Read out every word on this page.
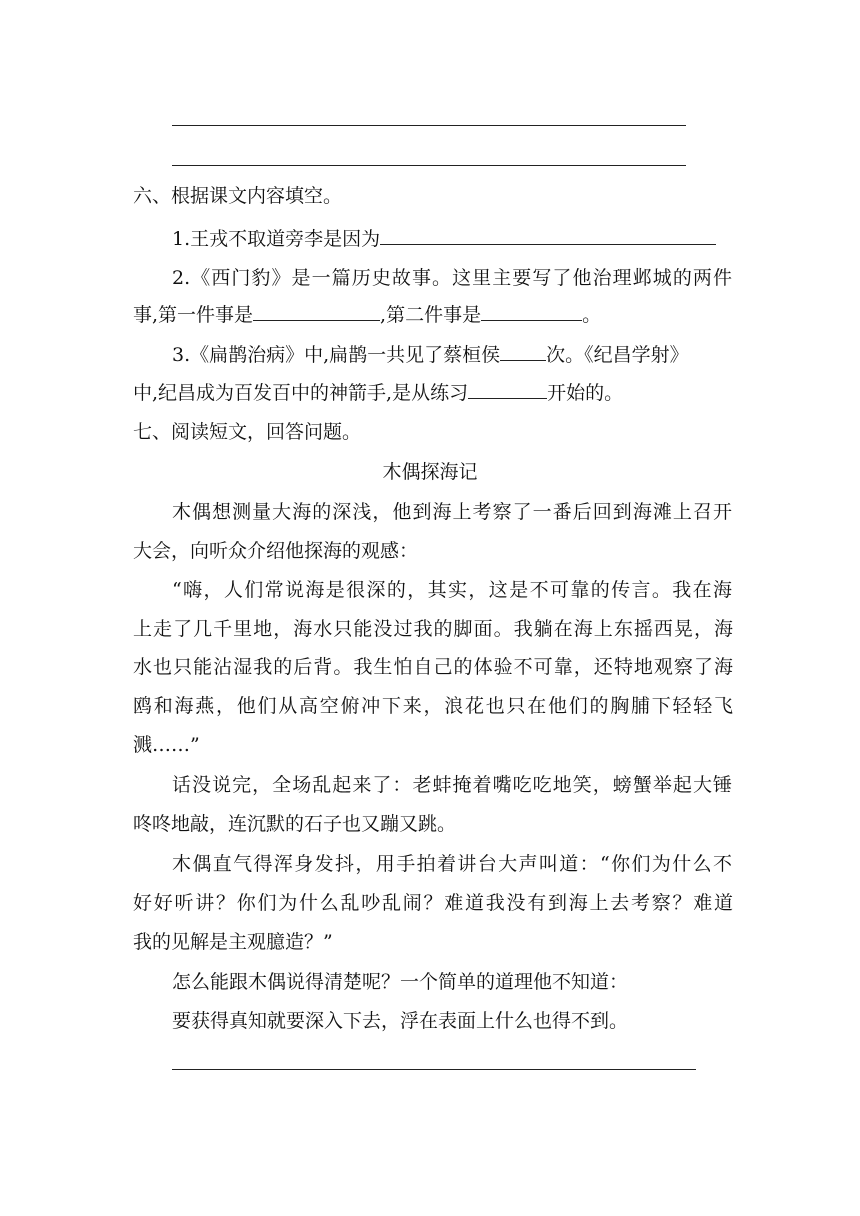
六、根据课文内容填空。
1.王戎不取道旁李是因为
2.《西门豹》是一篇历史故事。这里主要写了他治理邺城的两件
事,第一件事是	,第二件事是	。
3.《扁鹊治病》中,扁鹊一共见了蔡桓侯 次。《纪昌学射》
中,纪昌成为百发百中的神箭手,是从练习	开始的。
七、阅读短文，回答问题。
木偶探海记
木偶想测量大海的深浅，他到海上考察了一番后回到海滩上召开
大会，向听众介绍他探海的观感：
“嗨，人们常说海是很深的，其实，这是不可靠的传言。我在海
上走了几千里地，海水只能没过我的脚面。我躺在海上东摇西晃，海
水也只能沾湿我的后背。我生怕自己的体验不可靠，还特地观察了海
鸥和海燕，他们从高空俯冲下来，浪花也只在他们的胸脯下轻轻飞
溅……”
话没说完，全场乱起来了：老蚌掩着嘴吃吃地笑，螃蟹举起大锤
咚咚地敲，连沉默的石子也又蹦又跳。
木偶直气得浑身发抖，用手拍着讲台大声叫道：“你们为什么不
好好听讲？你们为什么乱吵乱闹？难道我没有到海上去考察？难道
我的见解是主观臆造？”
怎么能跟木偶说得清楚呢？一个简单的道理他不知道：
要获得真知就要深入下去，浮在表面上什么也得不到。
